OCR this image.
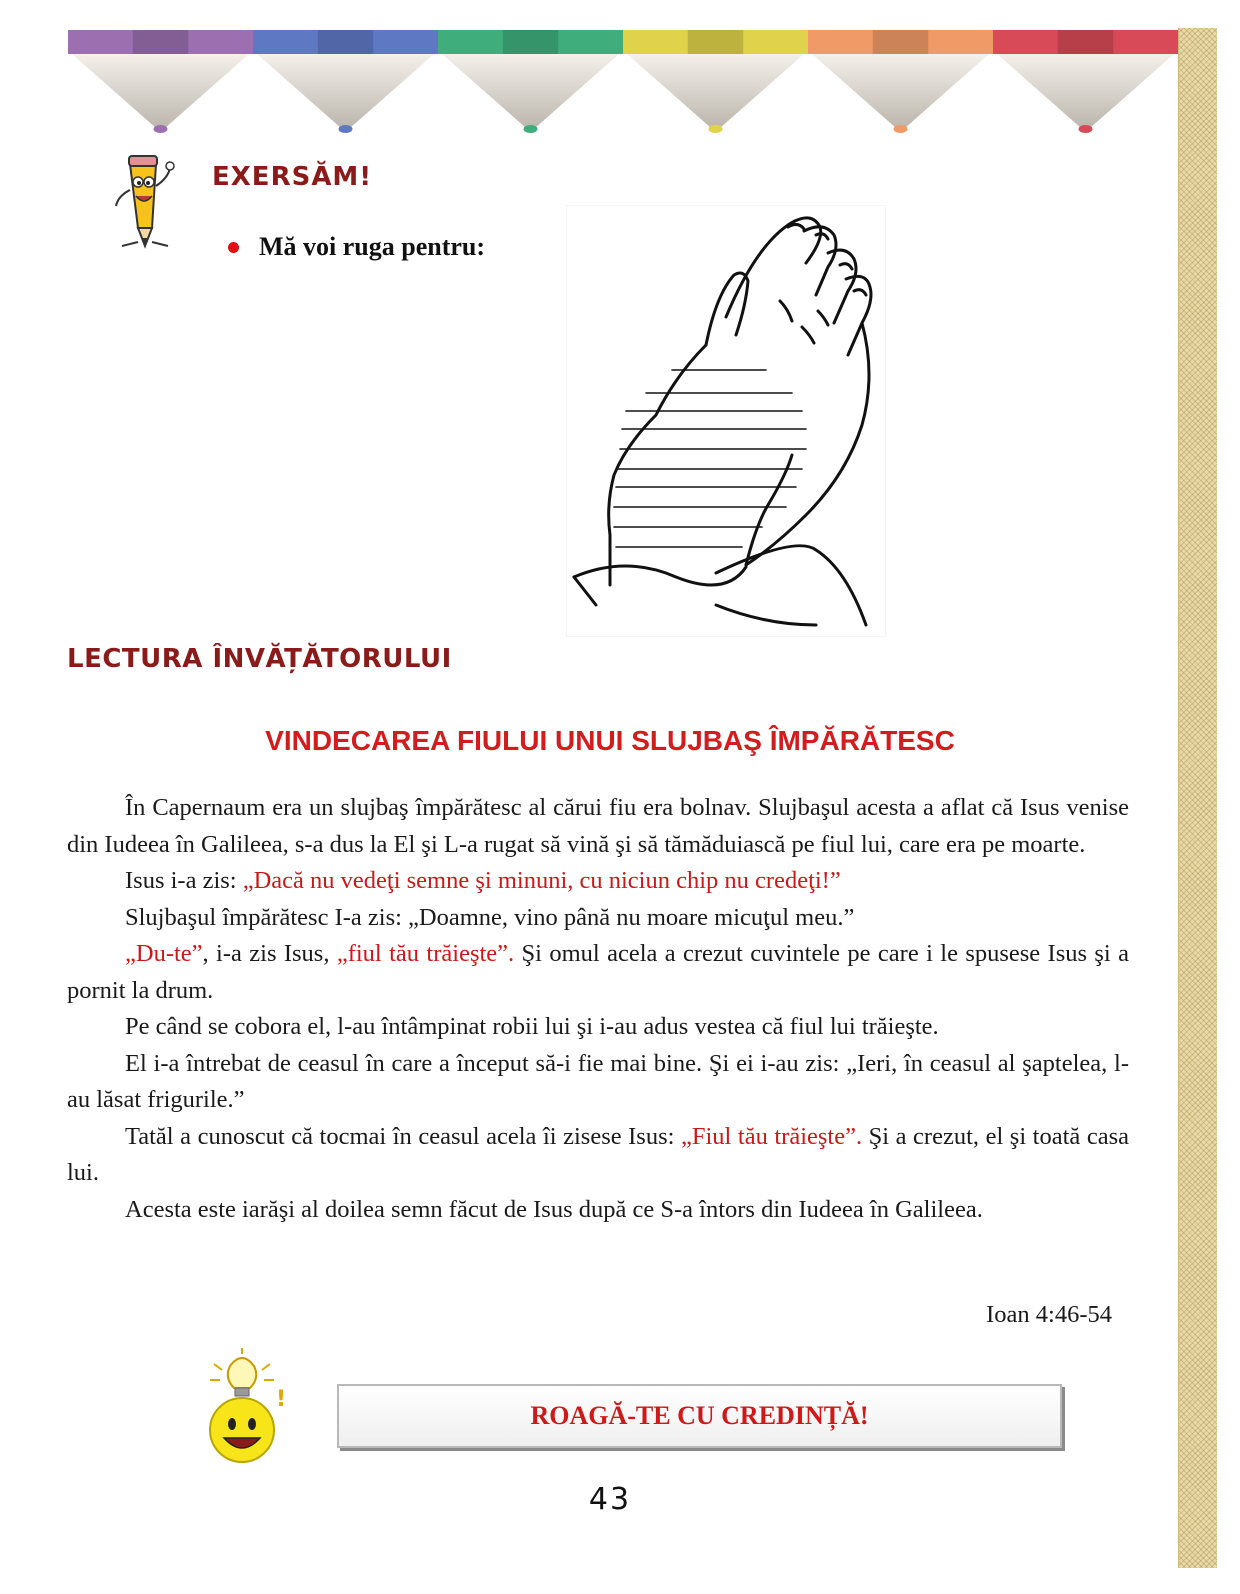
EXERSĂM!
Mă voi ruga pentru:
LECTURA ÎNVĂȚĂTORULUI
VINDECAREA FIULUI UNUI SLUJBAŞ ÎMPĂRĂTESC

În Capernaum era un slujbaş împărătesc al cărui fiu era bolnav. Slujbaşul acesta a aflat că Isus venise din Iudeea în Galileea, s-a dus la El şi L-a rugat să vină şi să tămăduiască pe fiul lui, care era pe moarte.

Isus i-a zis: „Dacă nu vedeţi semne şi minuni, cu niciun chip nu credeţi!”

Slujbaşul împărătesc I-a zis: „Doamne, vino până nu moare micuţul meu.”

„Du-te”, i-a zis Isus, „fiul tău trăieşte”. Şi omul acela a crezut cuvintele pe care i le spusese Isus şi a pornit la drum.

Pe când se cobora el, l-au întâmpinat robii lui şi i-au adus vestea că fiul lui trăieşte.

El i-a întrebat de ceasul în care a început să-i fie mai bine. Şi ei i-au zis: „Ieri, în ceasul al şaptelea, l-au lăsat frigurile.”

Tatăl a cunoscut că tocmai în ceasul acela îi zisese Isus: „Fiul tău trăieşte”. Şi a crezut, el şi toată casa lui.

Acesta este iarăşi al doilea semn făcut de Isus după ce S-a întors din Iudeea în Galileea.

Ioan 4:46-54
!
ROAGĂ-TE CU CREDINȚĂ!
43
